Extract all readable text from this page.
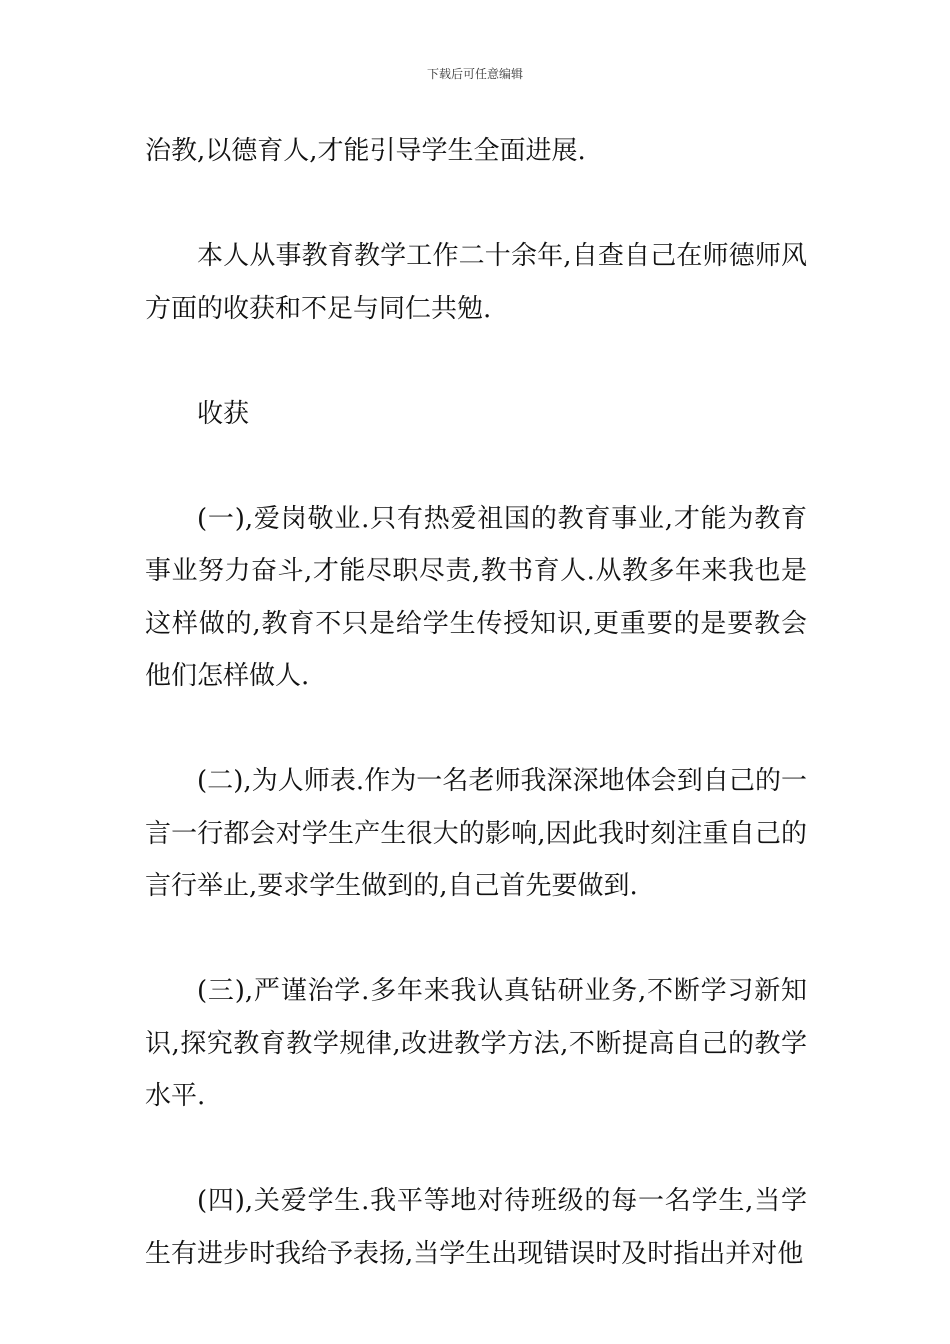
下载后可任意编辑

治教,以德育人,才能引导学生全面进展.

本人从事教育教学工作二十余年,自查自己在师德师风方面的收获和不足与同仁共勉.

收获

(一),爱岗敬业.只有热爱祖国的教育事业,才能为教育事业努力奋斗,才能尽职尽责,教书育人.从教多年来我也是这样做的,教育不只是给学生传授知识,更重要的是要教会他们怎样做人.

(二),为人师表.作为一名老师我深深地体会到自己的一言一行都会对学生产生很大的影响,因此我时刻注重自己的言行举止,要求学生做到的,自己首先要做到.

(三),严谨治学.多年来我认真钻研业务,不断学习新知识,探究教育教学规律,改进教学方法,不断提高自己的教学水平.

(四),关爱学生.我平等地对待班级的每一名学生,当学生有进步时我给予表扬,当学生出现错误时及时指出并对他
